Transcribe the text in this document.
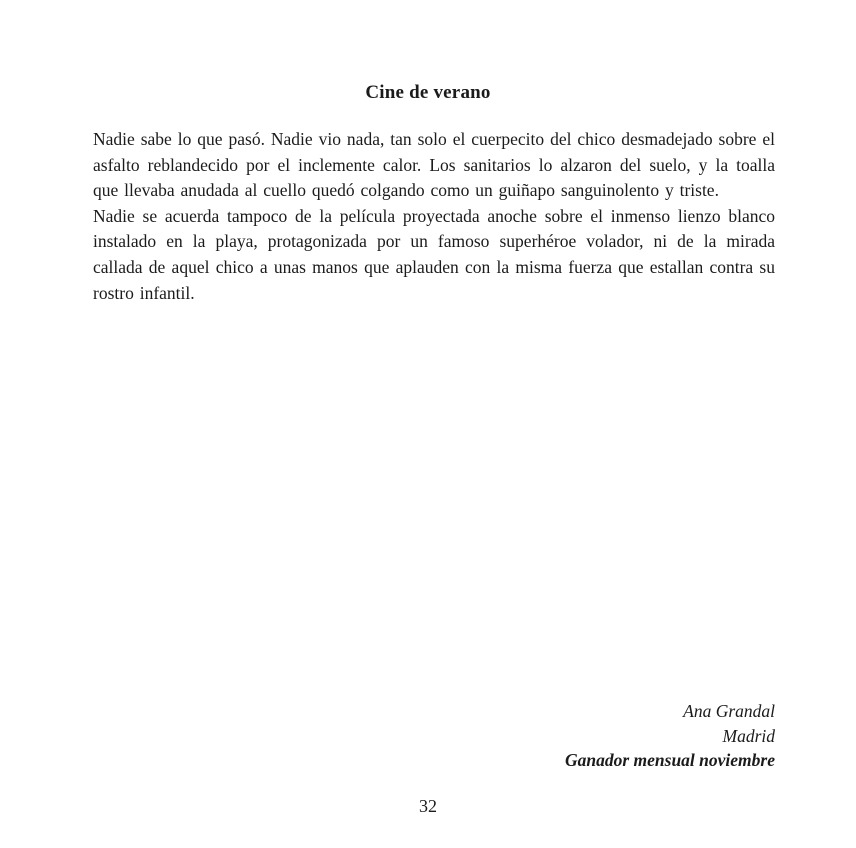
Cine de verano

Nadie sabe lo que pasó. Nadie vio nada, tan solo el cuerpecito del chico desmadejado sobre el asfalto reblandecido por el inclemente calor. Los sanitarios lo alzaron del suelo, y la toalla que llevaba anudada al cuello quedó colgando como un guiñapo sanguinolento y triste.

Nadie se acuerda tampoco de la película proyectada anoche sobre el inmenso lienzo blanco instalado en la playa, protagonizada por un famoso superhéroe volador, ni de la mirada callada de aquel chico a unas manos que aplauden con la misma fuerza que estallan contra su rostro infantil.

Ana Grandal
Madrid
Ganador mensual noviembre
32
